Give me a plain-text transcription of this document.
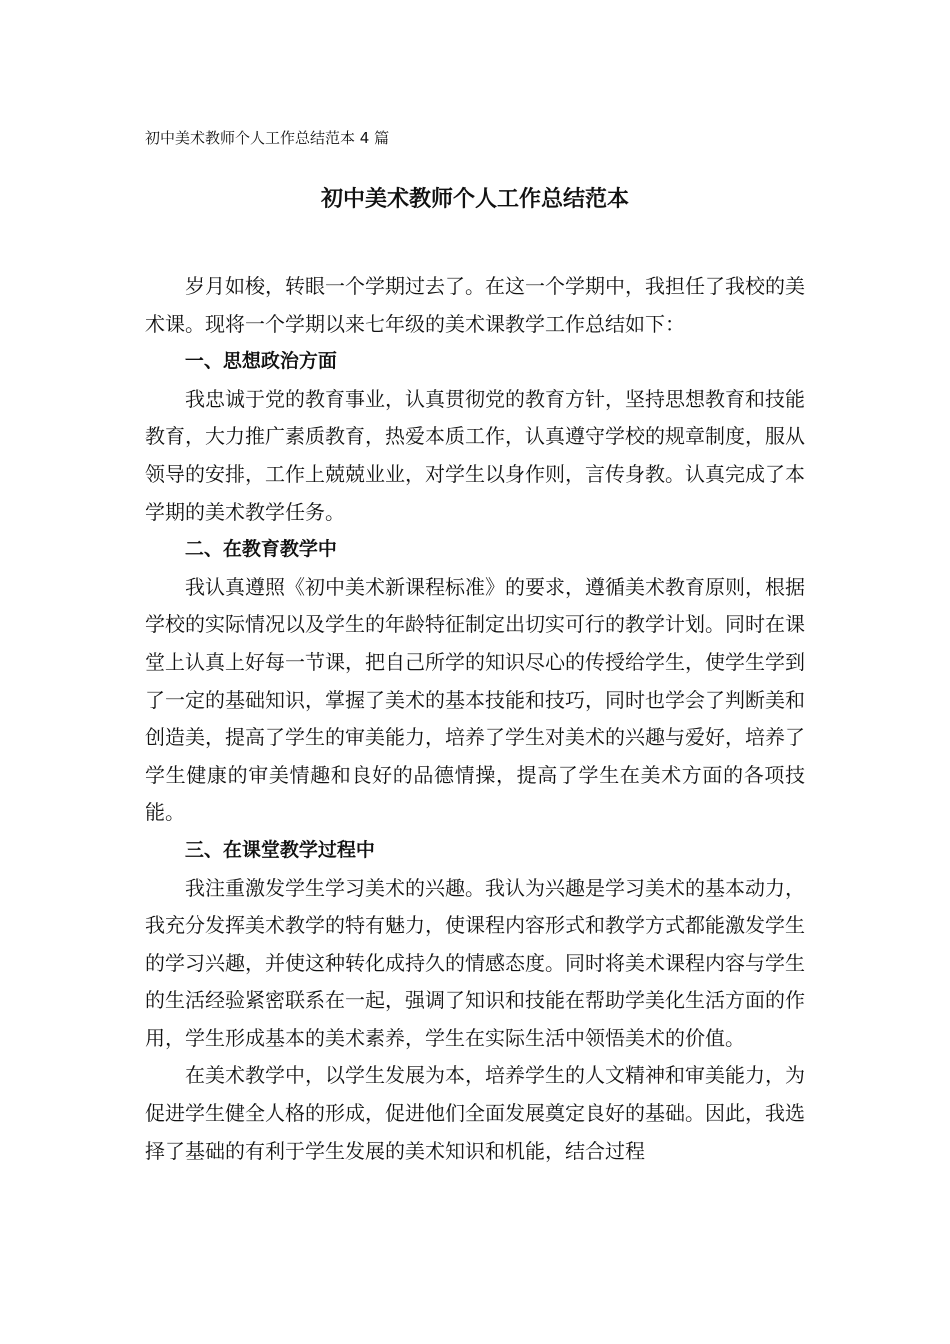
初中美术教师个人工作总结范本 4 篇
初中美术教师个人工作总结范本

岁月如梭，转眼一个学期过去了。在这一个学期中，我担任了我校的美术课。现将一个学期以来七年级的美术课教学工作总结如下：

一、思想政治方面

我忠诚于党的教育事业，认真贯彻党的教育方针，坚持思想教育和技能教育，大力推广素质教育，热爱本质工作，认真遵守学校的规章制度，服从领导的安排，工作上兢兢业业，对学生以身作则，言传身教。认真完成了本学期的美术教学任务。

二、在教育教学中

我认真遵照《初中美术新课程标准》的要求，遵循美术教育原则，根据学校的实际情况以及学生的年龄特征制定出切实可行的教学计划。同时在课堂上认真上好每一节课，把自己所学的知识尽心的传授给学生，使学生学到了一定的基础知识，掌握了美术的基本技能和技巧，同时也学会了判断美和创造美，提高了学生的审美能力，培养了学生对美术的兴趣与爱好，培养了学生健康的审美情趣和良好的品德情操，提高了学生在美术方面的各项技能。

三、在课堂教学过程中

我注重激发学生学习美术的兴趣。我认为兴趣是学习美术的基本动力，我充分发挥美术教学的特有魅力，使课程内容形式和教学方式都能激发学生的学习兴趣，并使这种转化成持久的情感态度。同时将美术课程内容与学生的生活经验紧密联系在一起，强调了知识和技能在帮助学美化生活方面的作用，学生形成基本的美术素养，学生在实际生活中领悟美术的价值。

在美术教学中，以学生发展为本，培养学生的人文精神和审美能力，为促进学生健全人格的形成，促进他们全面发展奠定良好的基础。因此，我选择了基础的有利于学生发展的美术知识和机能，结合过程
